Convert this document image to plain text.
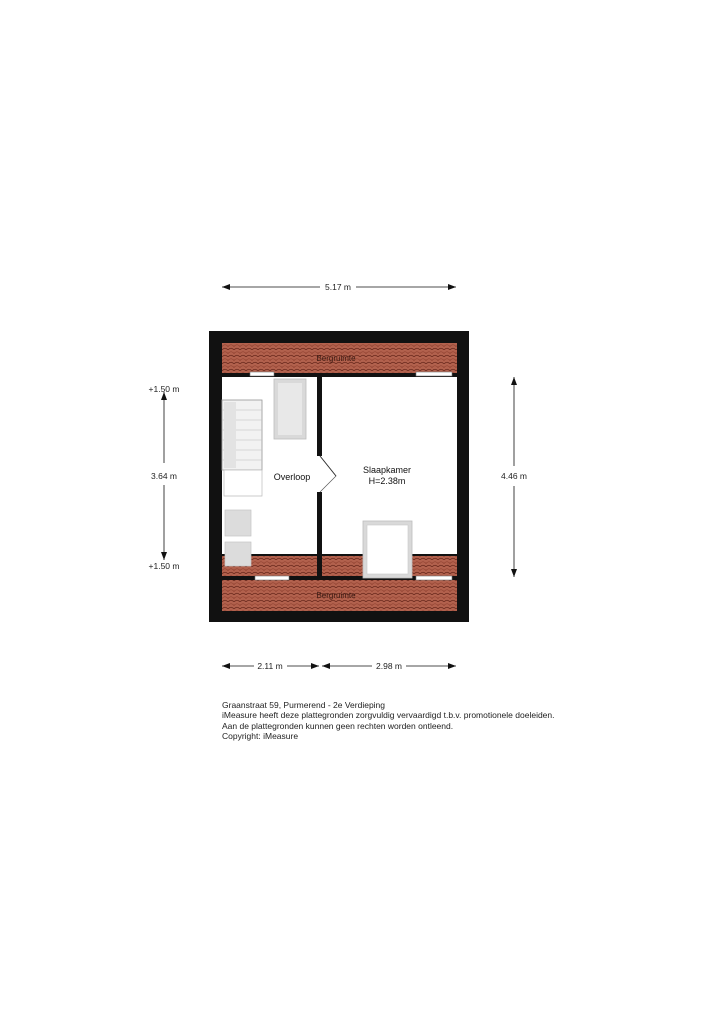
5.17 m
Overloop
Slaapkamer
H=2.38m
Bergruimte
Bergruimte
+1.50 m
3.64 m
+1.50 m
4.46 m
2.11 m	2.98 m
Graanstraat 59, Purmerend - 2e Verdieping
iMeasure heeft deze plattegronden zorgvuldig vervaardigd t.b.v. promotionele doeleiden.
Aan de plattegronden kunnen geen rechten worden ontleend.
Copyright: iMeasure
